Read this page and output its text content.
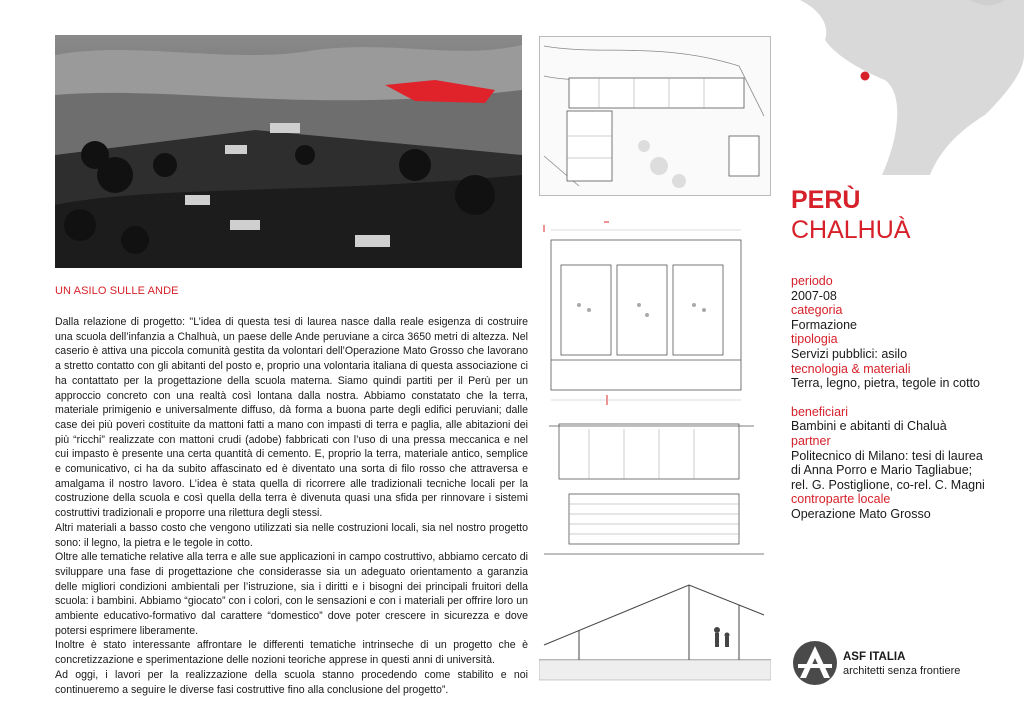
UN ASILO SULLE ANDE

Dalla relazione di progetto: "L’idea di questa tesi di laurea nasce dalla reale esigenza di costruire una scuola dell’infanzia a Chalhuà, un paese delle Ande peruviane a circa 3650 metri di altezza. Nel caserio è attiva una piccola comunità gestita da volontari dell’Operazione Mato Grosso che lavorano a stretto contatto con gli abitanti del posto e, proprio una volontaria italiana di questa associazione ci ha contattato per la progettazione della scuola materna. Siamo quindi partiti per il Perù per un approccio concreto con una realtà così lontana dalla nostra. Abbiamo constatato che la terra, materiale primigenio e universalmente diffuso, dà forma a buona parte degli edifici peruviani; dalle case dei più poveri costituite da mattoni fatti a mano con impasti di terra e paglia, alle abitazioni dei più “ricchi” realizzate con mattoni crudi (adobe) fabbricati con l’uso di una pressa meccanica e nel cui impasto è presente una certa quantità di cemento. E, proprio la terra, materiale antico, semplice e comunicativo, ci ha da subito affascinato ed è diventato una sorta di filo rosso che attraversa e amalgama il nostro lavoro. L’idea è stata quella di ricorrere alle tradizionali tecniche locali per la costruzione della scuola e così quella della terra è divenuta quasi una sfida per rinnovare i sistemi costruttivi tradizionali e proporre una rilettura degli stessi.

Altri materiali a basso costo che vengono utilizzati sia nelle costruzioni locali, sia nel nostro progetto sono: il legno, la pietra e le tegole in cotto.

Oltre alle tematiche relative alla terra e alle sue applicazioni in campo costruttivo, abbiamo cercato di sviluppare una fase di progettazione che considerasse sia un adeguato orientamento a garanzia delle migliori condizioni ambientali per l’istruzione, sia i diritti e i bisogni dei principali fruitori della scuola: i bambini. Abbiamo “giocato” con i colori, con le sensazioni e con i materiali per offrire loro un ambiente educativo-formativo dal carattere “domestico” dove poter crescere in sicurezza e dove potersi esprimere liberamente.

Inoltre è stato interessante affrontare le differenti tematiche intrinseche di un progetto che è concretizzazione e sperimentazione delle nozioni teoriche apprese in questi anni di università.

Ad oggi, i lavori per la realizzazione della scuola stanno procedendo come stabilito e noi continueremo a seguire le diverse fasi costruttive fino alla conclusione del progetto”.

PERÙ
CHALHUÀ
periodo
2007-08
categoria
Formazione
tipologia
Servizi pubblici: asilo
tecnologia & materiali
Terra, legno, pietra, tegole in cotto
beneficiari
Bambini e abitanti di Chaluà
partner
Politecnico di Milano: tesi di laurea
di Anna Porro e Mario Tagliabue;
rel. G. Postiglione, co-rel. C. Magni
controparte locale
Operazione Mato Grosso
ASF ITALIA
architetti senza frontiere
